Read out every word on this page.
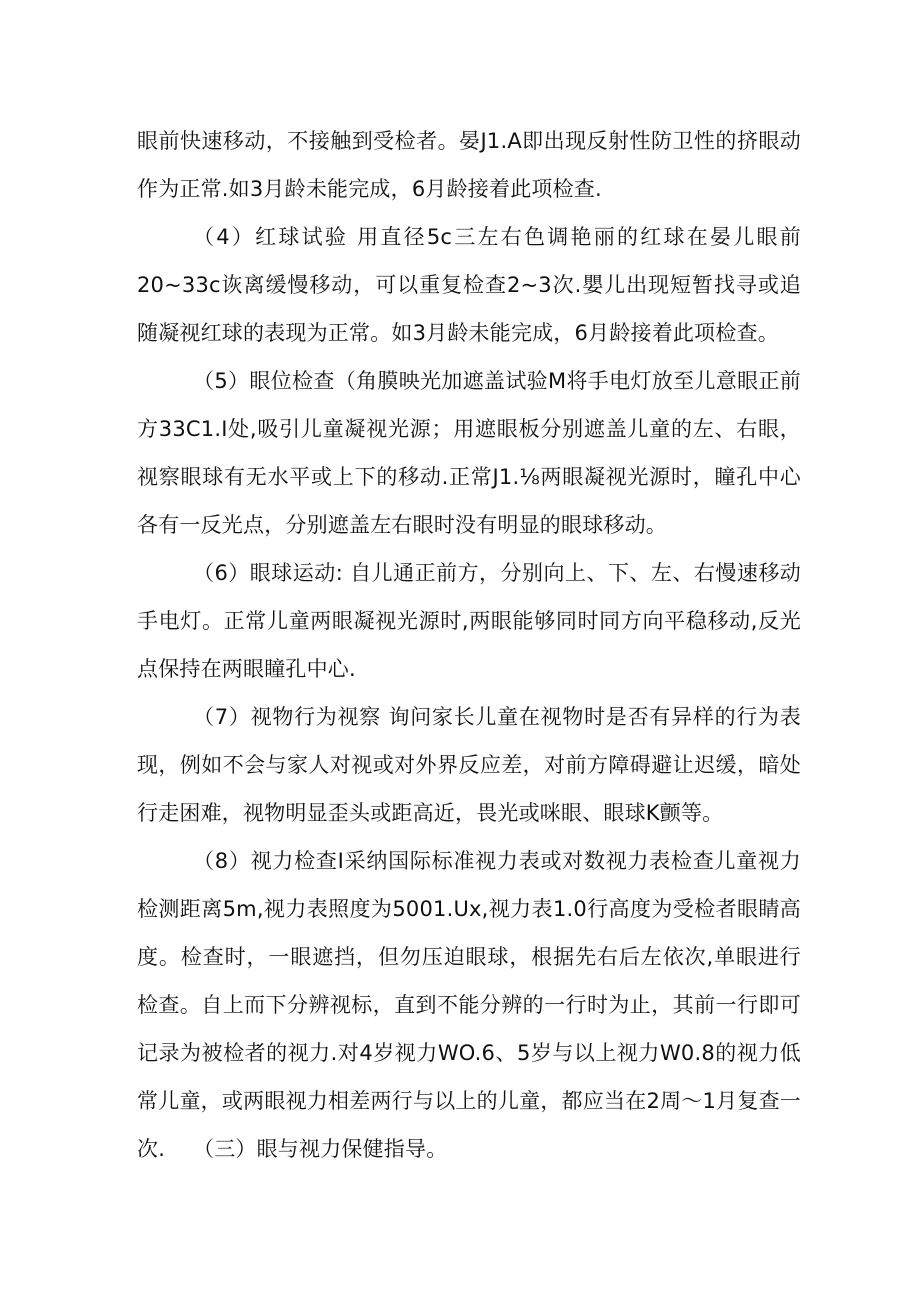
眼前快速移动，不接触到受检者。晏J1.A即出现反射性防卫性的挤眼动作为正常.如3月龄未能完成，6月龄接着此项检查.

（4）红球试验 用直径5c三左右色调艳丽的红球在晏儿眼前20~33c诙离缓慢移动，可以重复检查2~3次.嬰儿出现短暂找寻或追随凝视红球的表现为正常。如3月龄未能完成，6月龄接着此项检查。

（5）眼位检查（角膜映光加遮盖试验M将手电灯放至儿意眼正前方33C1.I处,吸引儿童凝视光源；用遮眼板分别遮盖儿童的左、右眼，视察眼球有无水平或上下的移动.正常J1.⅛两眼凝视光源时，瞳孔中心各有一反光点，分别遮盖左右眼时没有明显的眼球移动。

（6）眼球运动: 自儿通正前方，分别向上、下、左、右慢速移动手电灯。正常儿童两眼凝视光源时,两眼能够同时同方向平稳移动,反光点保持在两眼瞳孔中心.

（7）视物行为视察 询问家长儿童在视物时是否有异样的行为表现，例如不会与家人对视或对外界反应差，对前方障碍避让迟缓，暗处行走困难，视物明显歪头或距高近，畏光或咪眼、眼球K颤等。

（8）视力检查I采纳国际标准视力表或对数视力表检查儿童视力检测距离5m,视力表照度为5001.Ux,视力表1.0行高度为受检者眼睛高度。检查时，一眼遮挡，但勿压迫眼球，根据先右后左依次,单眼进行检查。自上而下分辨视标，直到不能分辨的一行时为止，其前一行即可记录为被检者的视力.对4岁视力WO.6、5岁与以上视力W0.8的视力低常儿童，或两眼视力相差两行与以上的儿童，都应当在2周〜1月复查一次.	（三）眼与视力保健指导。
